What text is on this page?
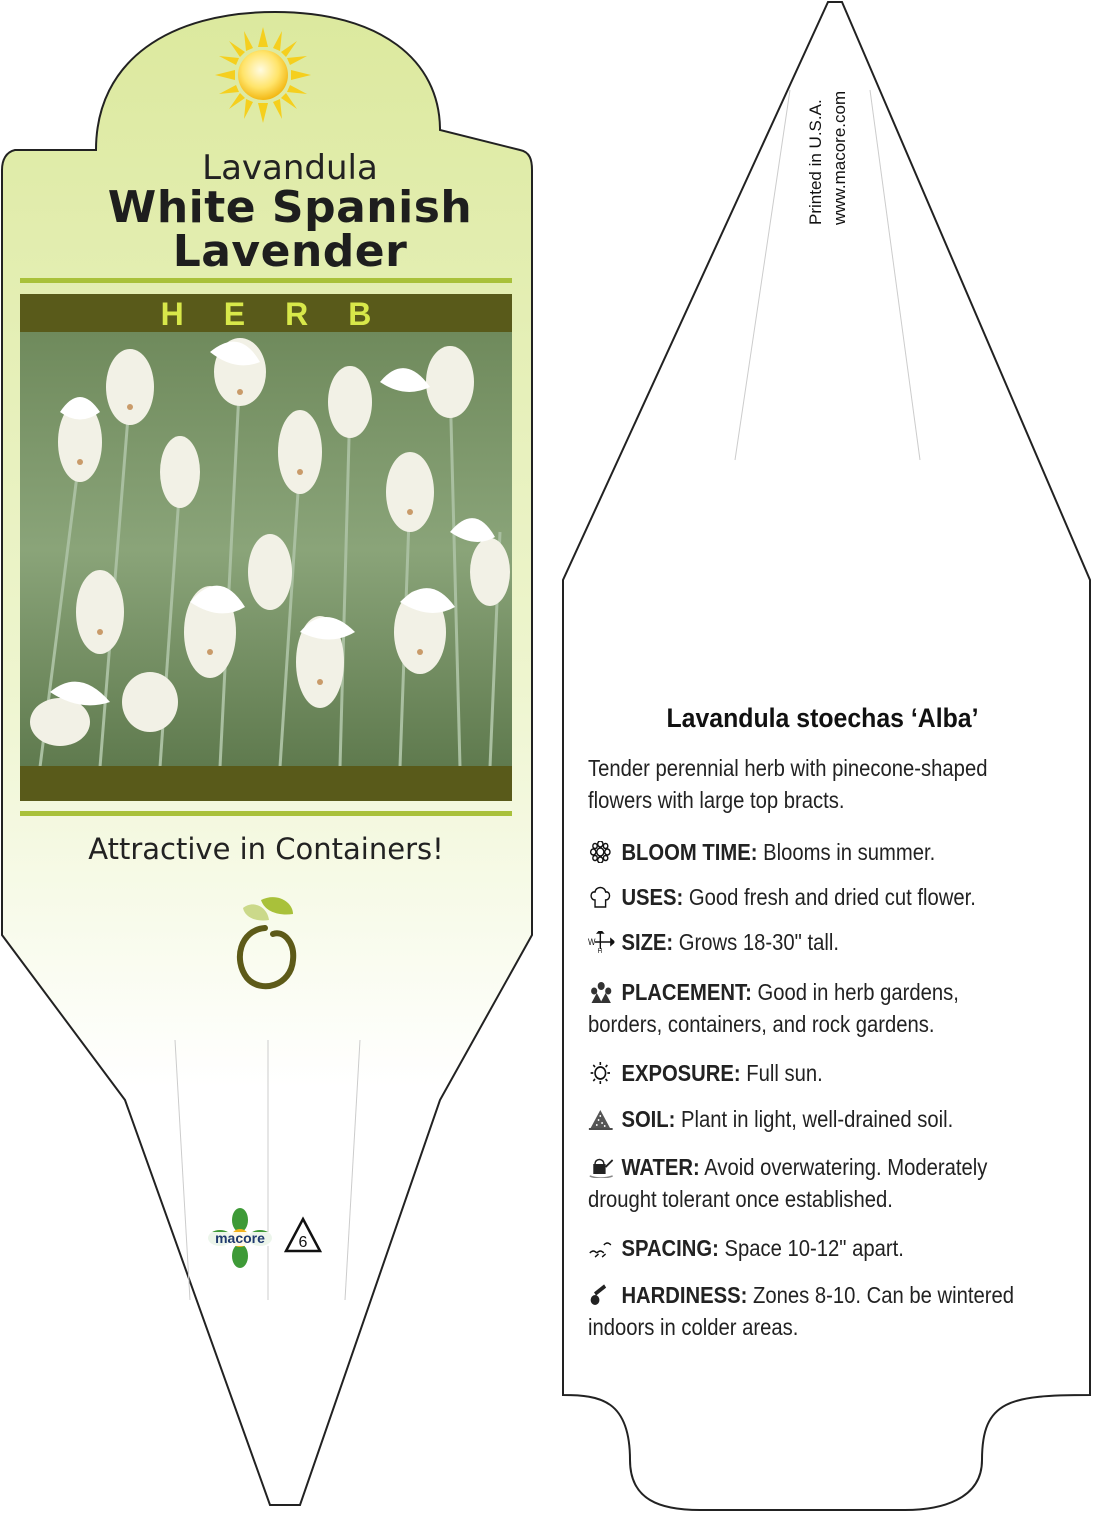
Lavandula
White Spanish
Lavender
HERB
Attractive in Containers!
macore 6
Printed in U.S.A. www.macore.com
Lavandula stoechas ‘Alba’
Tender perennial herb with pinecone-shaped flowers with large top bracts.
BLOOM TIME: Blooms in summer.
USES: Good fresh and dried cut flower.
W
H SIZE: Grows 18-30" tall.
PLACEMENT: Good in herb gardens, borders, containers, and rock gardens.
EXPOSURE: Full sun.
SOIL: Plant in light, well-drained soil.
WATER: Avoid overwatering. Moderately drought tolerant once established.
SPACING: Space 10-12" apart.
HARDINESS: Zones 8-10. Can be wintered indoors in colder areas.
